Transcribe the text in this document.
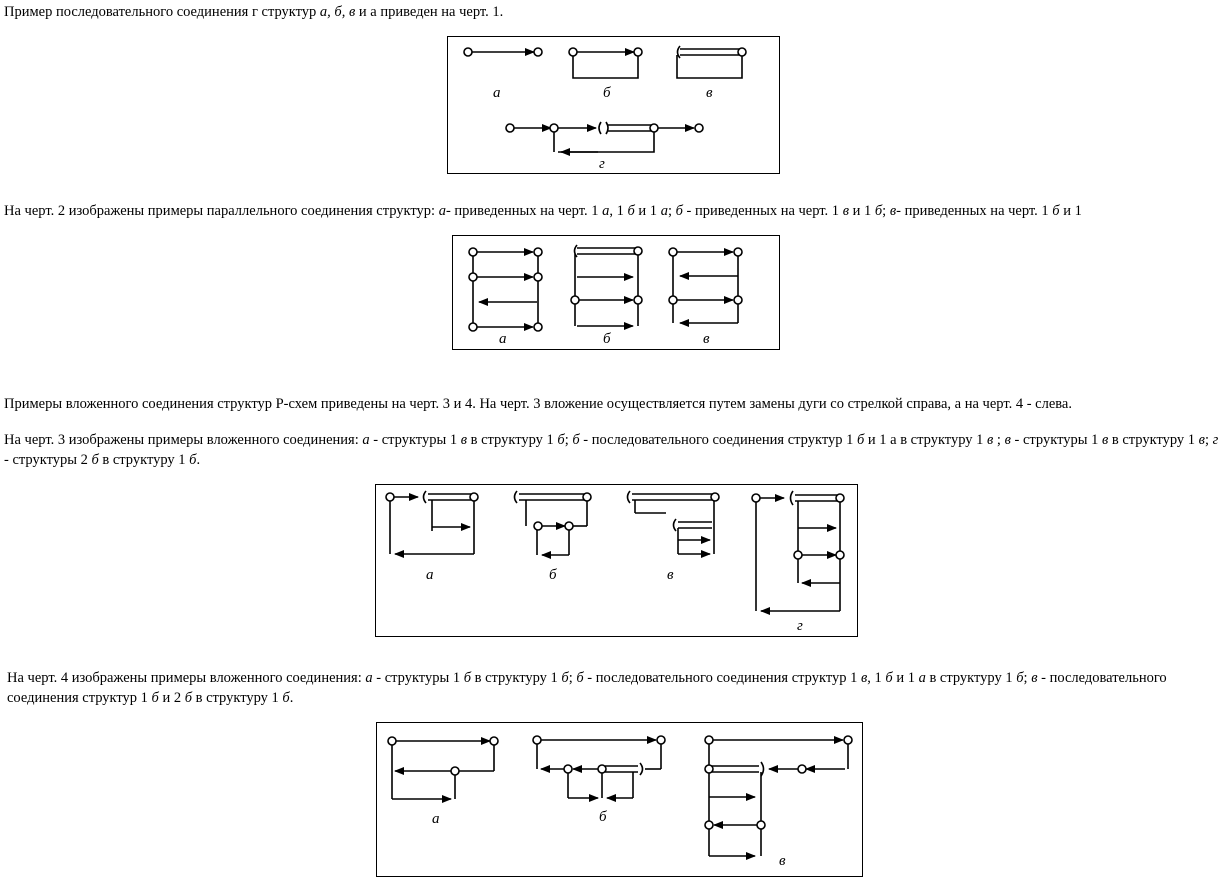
Пример последовательного соединения г структур а, б, в и а приведен на черт. 1.

а	б	в
г

На черт. 2 изображены примеры параллельного соединения структур: а- приведенных на черт. 1 а, 1 б и 1 а; б - приведенных на черт. 1 в и 1 б; в- приведенных на черт. 1 б и 1

а	б	в

Примеры вложенного соединения структур Р-схем приведены на черт. 3 и 4. На черт. 3 вложение осуществляется путем замены дуги со стрелкой справа, а на черт. 4 - слева.

На черт. 3 изображены примеры вложенного соединения: а - структуры 1 в в структуру 1 б; б - последовательного соединения структур 1 б и 1 а в структуру 1 в ; в - структуры 1 в в структуру 1 в; г - структуры 2 б в структуру 1 б.

а	б	в
г

На черт. 4 изображены примеры вложенного соединения: а - структуры 1 б в структуру 1 б; б - последовательного соединения структур 1 в, 1 б и 1 а в структуру 1 б; в - последовательного соединения структур 1 б и 2 б в структуру 1 б.

а	б
в
